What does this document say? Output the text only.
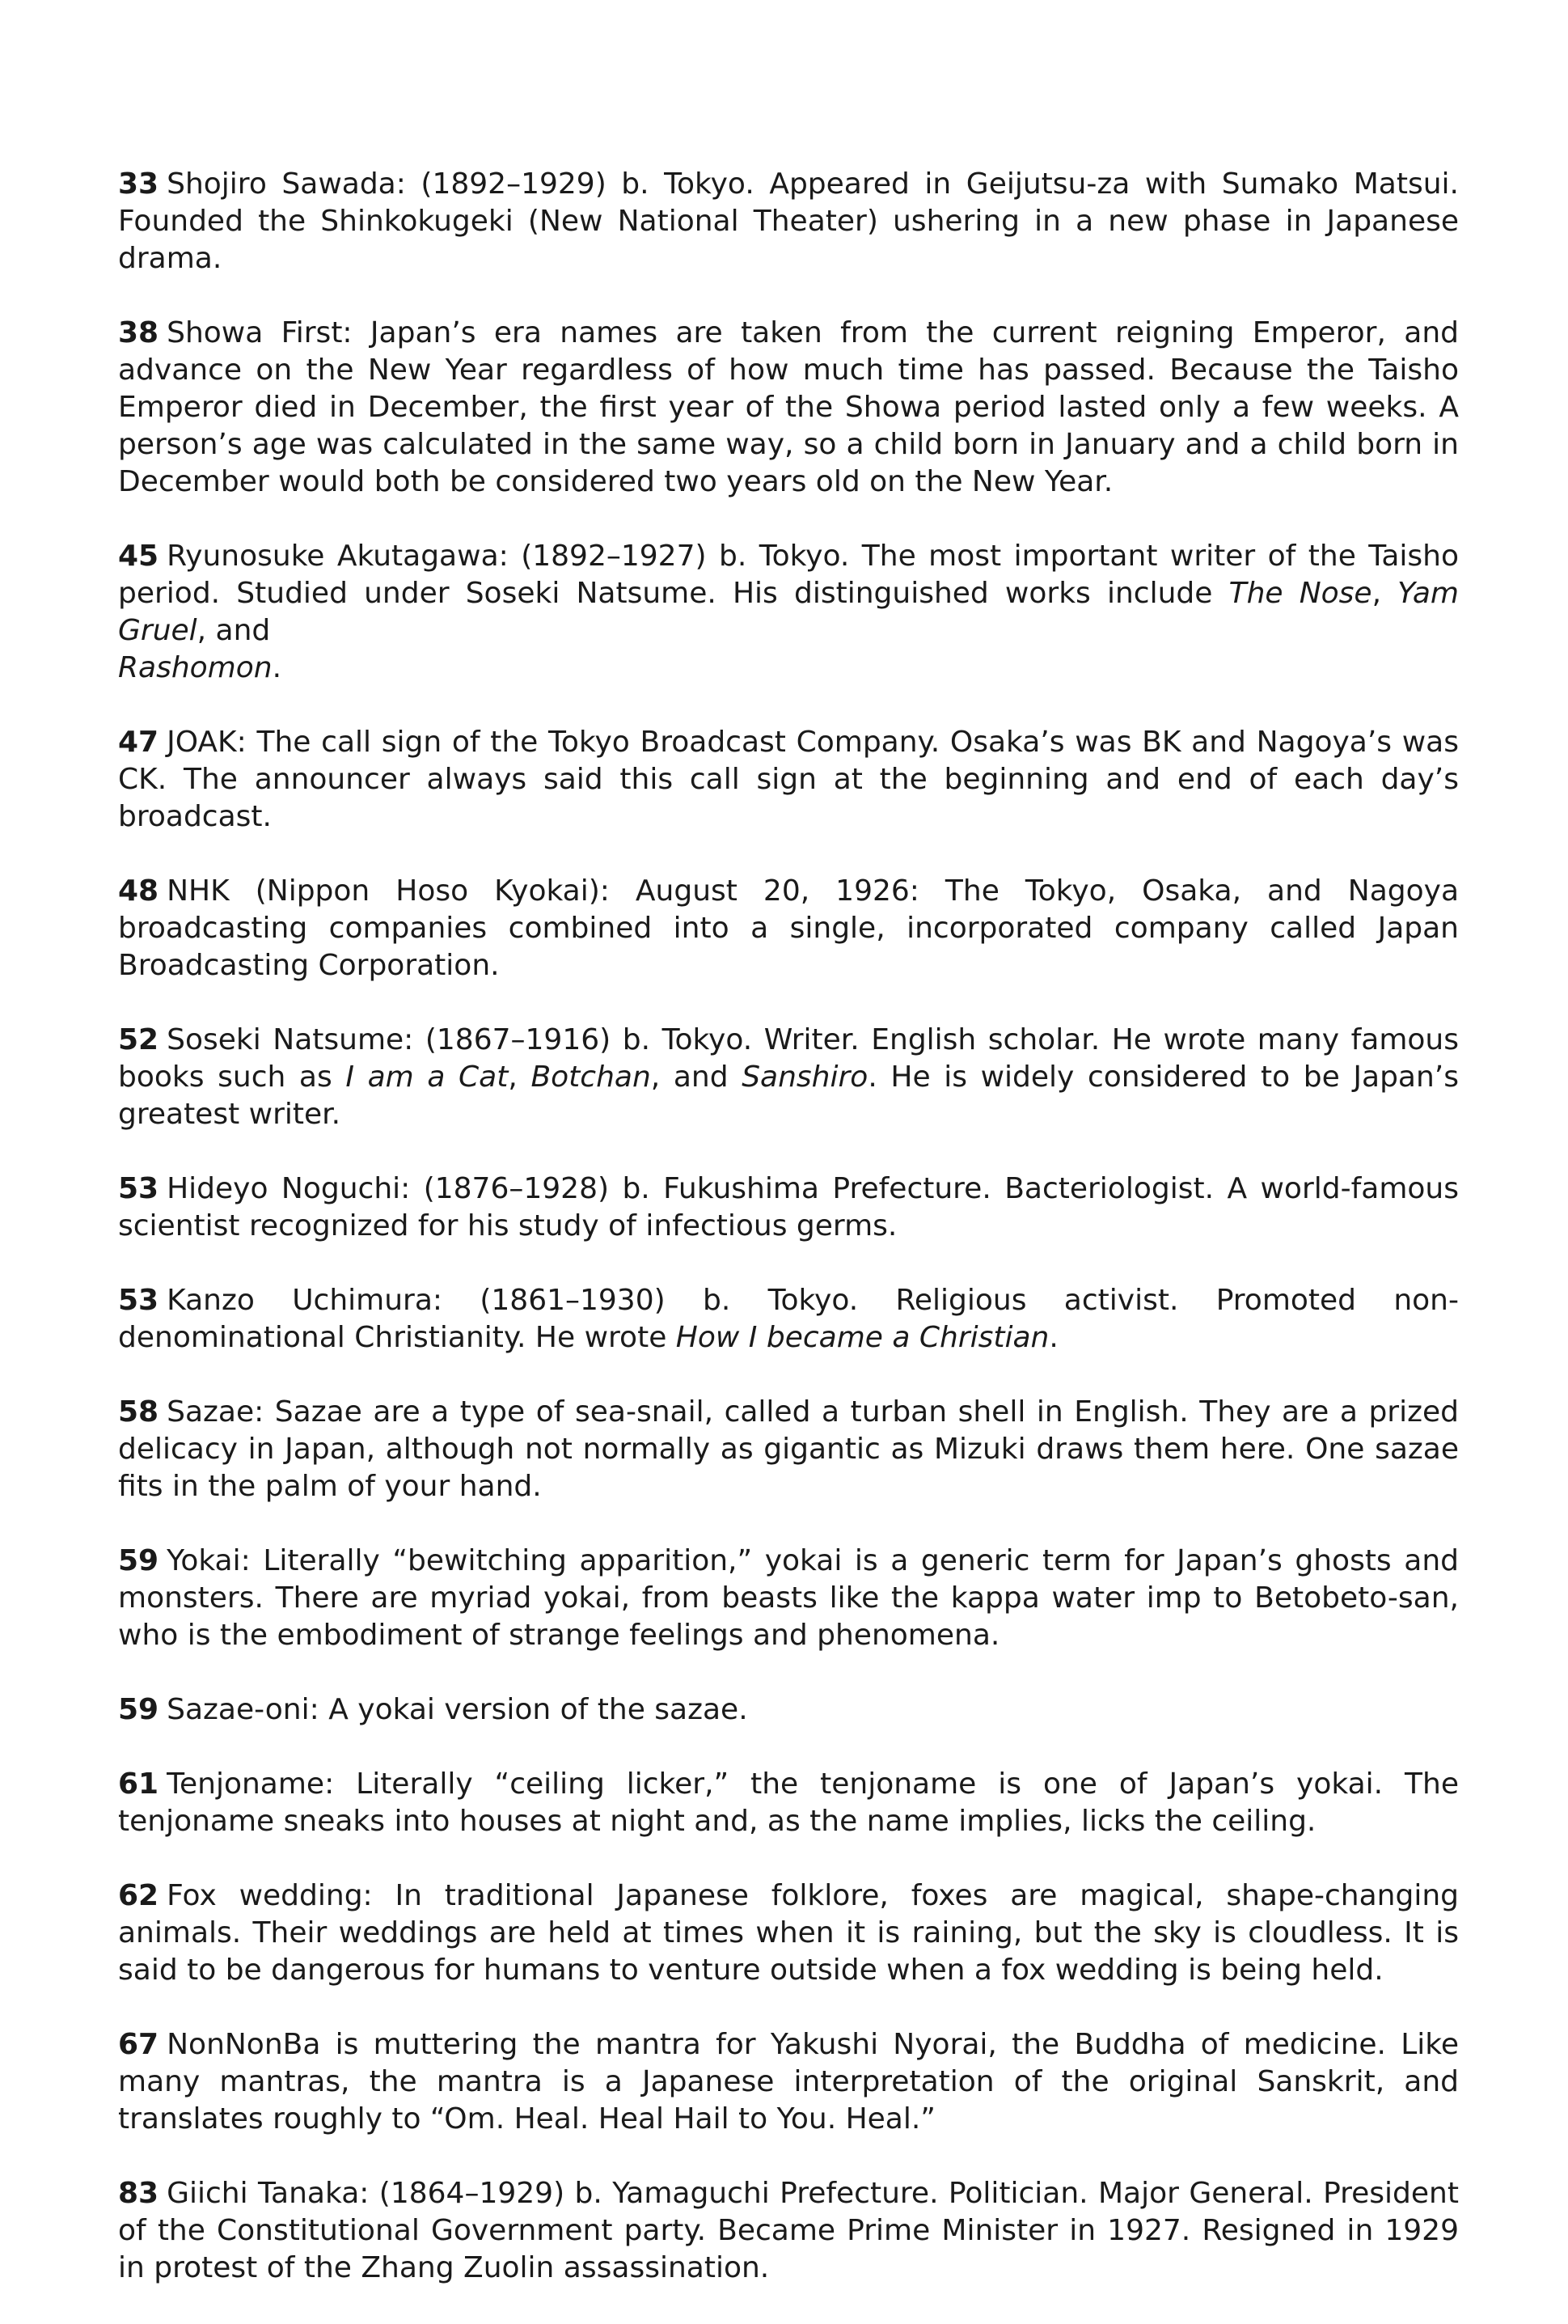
33 Shojiro Sawada: (1892–1929) b. Tokyo. Appeared in Geijutsu-za with Sumako Matsui. Founded the Shinkokugeki (New National Theater) ushering in a new phase in Japanese drama.

38 Showa First: Japan’s era names are taken from the current reigning Emperor, and advance on the New Year regardless of how much time has passed. Because the Taisho Emperor died in December, the first year of the Showa period lasted only a few weeks. A person’s age was calculated in the same way, so a child born in January and a child born in December would both be considered two years old on the New Year.

45 Ryunosuke Akutagawa: (1892–1927) b. Tokyo. The most important writer of the Taisho period. Studied under Soseki Natsume. His distinguished works include The Nose, Yam Gruel, and
Rashomon.

47 JOAK: The call sign of the Tokyo Broadcast Company. Osaka’s was BK and Nagoya’s was CK. The announcer always said this call sign at the beginning and end of each day’s broadcast.

48 NHK (Nippon Hoso Kyokai): August 20, 1926: The Tokyo, Osaka, and Nagoya broadcasting companies combined into a single, incorporated company called Japan Broadcasting Corporation.

52 Soseki Natsume: (1867–1916) b. Tokyo. Writer. English scholar. He wrote many famous books such as I am a Cat, Botchan, and Sanshiro. He is widely considered to be Japan’s greatest writer.

53 Hideyo Noguchi: (1876–1928) b. Fukushima Prefecture. Bacteriologist. A world-famous scientist recognized for his study of infectious germs.

53 Kanzo Uchimura: (1861–1930) b. Tokyo. Religious activist. Promoted non-denominational Christianity. He wrote How I became a Christian.

58 Sazae: Sazae are a type of sea-snail, called a turban shell in English. They are a prized delicacy in Japan, although not normally as gigantic as Mizuki draws them here. One sazae fits in the palm of your hand.

59 Yokai: Literally “bewitching apparition,” yokai is a generic term for Japan’s ghosts and monsters. There are myriad yokai, from beasts like the kappa water imp to Betobeto-san, who is the embodiment of strange feelings and phenomena.

59 Sazae-oni: A yokai version of the sazae.

61 Tenjoname: Literally “ceiling licker,” the tenjoname is one of Japan’s yokai. The tenjoname sneaks into houses at night and, as the name implies, licks the ceiling.

62 Fox wedding: In traditional Japanese folklore, foxes are magical, shape-changing animals. Their weddings are held at times when it is raining, but the sky is cloudless. It is said to be dangerous for humans to venture outside when a fox wedding is being held.

67 NonNonBa is muttering the mantra for Yakushi Nyorai, the Buddha of medicine. Like many mantras, the mantra is a Japanese interpretation of the original Sanskrit, and translates roughly to “Om. Heal. Heal Hail to You. Heal.”

83 Giichi Tanaka: (1864–1929) b. Yamaguchi Prefecture. Politician. Major General. President of the Constitutional Government party. Became Prime Minister in 1927. Resigned in 1929 in protest of the Zhang Zuolin assassination.
